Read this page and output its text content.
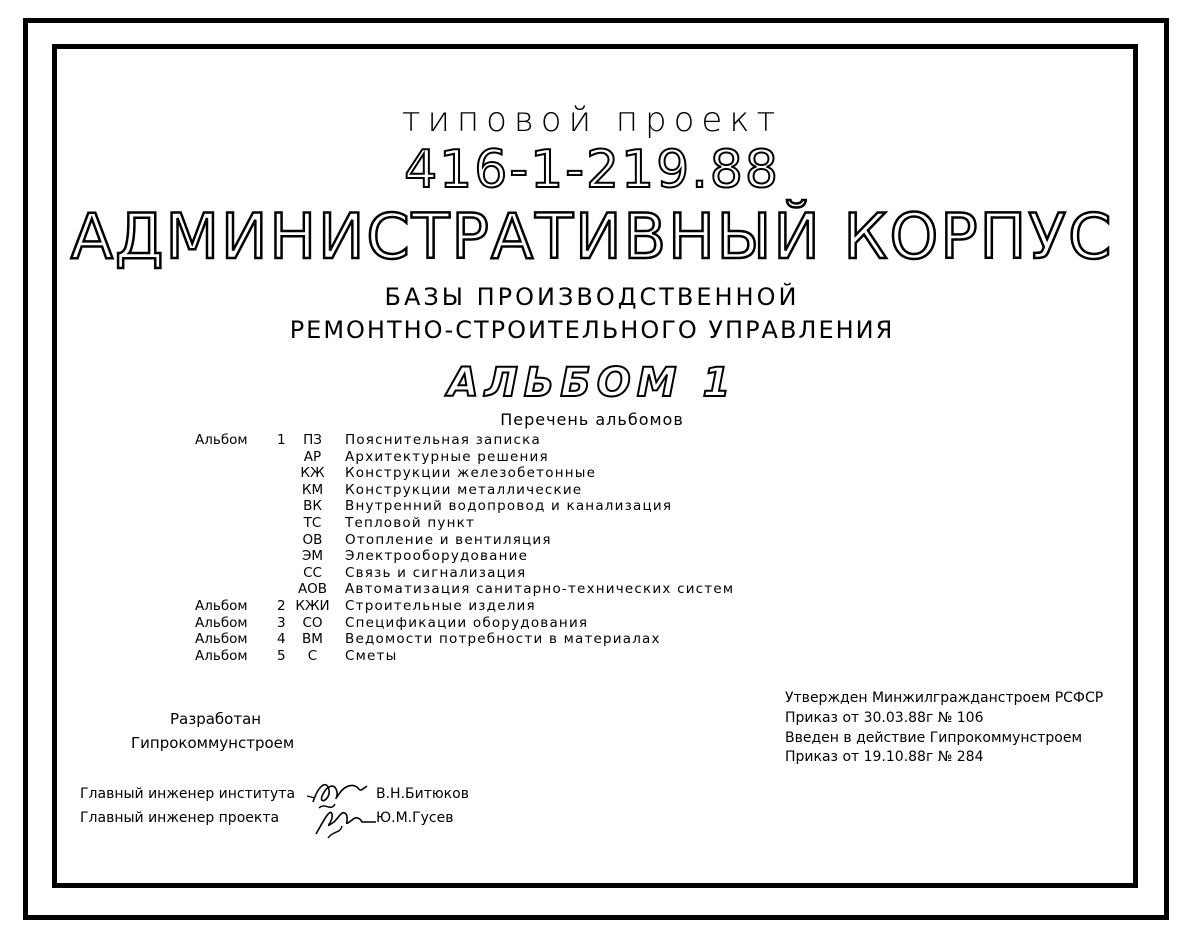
типовой проект
416-1-219.88
АДМИНИСТРАТИВНЫЙ КОРПУС
БАЗЫ ПРОИЗВОДСТВЕННОЙ
РЕМОНТНО-СТРОИТЕЛЬНОГО УПРАВЛЕНИЯ
АЛЬБОМ 1
Перечень альбомов
Альбом 1	ПЗ	Пояснительная записка
АР	Архитектурные решения
КЖ	Конструкции железобетонные
КМ	Конструкции металлические
ВК	Внутренний водопровод и канализация
ТС	Тепловой пункт
ОВ	Отопление и вентиляция
ЭМ	Электрооборудование
СС	Связь и сигнализация
АОВ	Автоматизация санитарно-технических систем
Альбом 2 КЖИ	Строительные изделия
Альбом 3	СО	Спецификации оборудования
Альбом 4	ВМ	Ведомости потребности в материалах
Альбом 5	С	Сметы
Разработан
Гипрокоммунстроем
Утвержден Минжилгражданстроем РСФСР
Приказ от 30.03.88г № 106
Введен в действие Гипрокоммунстроем
Приказ от 19.10.88г № 284
Главный инженер института	В.Н.Битюков
Главный инженер проекта	Ю.М.Гусев
